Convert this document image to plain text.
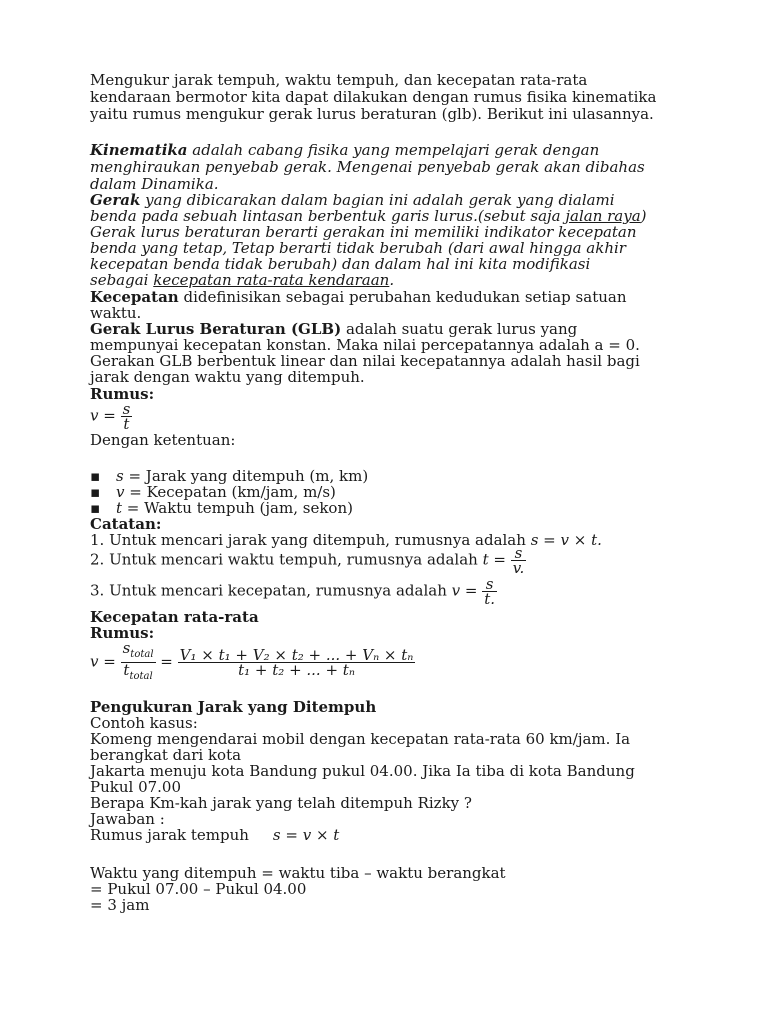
Mengukur jarak tempuh, waktu tempuh, dan kecepatan rata-rata
kendaraan bermotor kita dapat dilakukan dengan rumus fisika kinematika
yaitu rumus mengukur gerak lurus beraturan (glb). Berikut ini ulasannya.
Kinematika adalah cabang fisika yang mempelajari gerak dengan
menghiraukan penyebab gerak. Mengenai penyebab gerak akan dibahas
dalam Dinamika.
Gerak yang dibicarakan dalam bagian ini adalah gerak yang dialami
benda pada sebuah lintasan berbentuk garis lurus.(sebut saja jalan raya)
Gerak lurus beraturan berarti gerakan ini memiliki indikator kecepatan
benda yang tetap, Tetap berarti tidak berubah (dari awal hingga akhir
kecepatan benda tidak berubah) dan dalam hal ini kita modifikasi
sebagai kecepatan rata-rata kendaraan.
Kecepatan didefinisikan sebagai perubahan kedudukan setiap satuan
waktu.
Gerak Lurus Beraturan (GLB) adalah suatu gerak lurus yang
mempunyai kecepatan konstan. Maka nilai percepatannya adalah a = 0.
Gerakan GLB berbentuk linear dan nilai kecepatannya adalah hasil bagi
jarak dengan waktu yang ditempuh.
Rumus:
$v = \frac{s}{t}$
Dengan ketentuan:
▪ s = Jarak yang ditempuh (m, km)
▪ v = Kecepatan (km/jam, m/s)
▪ t = Waktu tempuh (jam, sekon)
Catatan:
1. Untuk mencari jarak yang ditempuh, rumusnya adalah s = v × t.
2. Untuk mencari waktu tempuh, rumusnya adalah $t = \frac{s}{v.}$
3. Untuk mencari kecepatan, rumusnya adalah $v = \frac{s}{t.}$
Kecepatan rata-rata
Rumus:
$v = \frac{s_{total}}{t_{total}} = \frac{\text{V₁ × t₁ + V₂ × t₂ + ... + Vₙ × tₙ}}{\text{t₁ + t₂ + ... + tₙ}}$
Pengukuran Jarak yang Ditempuh
Contoh kasus:
Komeng mengendarai mobil dengan kecepatan rata-rata 60 km/jam. Ia
berangkat dari kota
Jakarta menuju kota Bandung pukul 04.00. Jika Ia tiba di kota Bandung
Pukul 07.00
Berapa Km-kah jarak yang telah ditempuh Rizky ?
Jawaban :
Rumus jarak tempuh s = v × t
Waktu yang ditempuh = waktu tiba – waktu berangkat
= Pukul 07.00 – Pukul 04.00
= 3 jam
